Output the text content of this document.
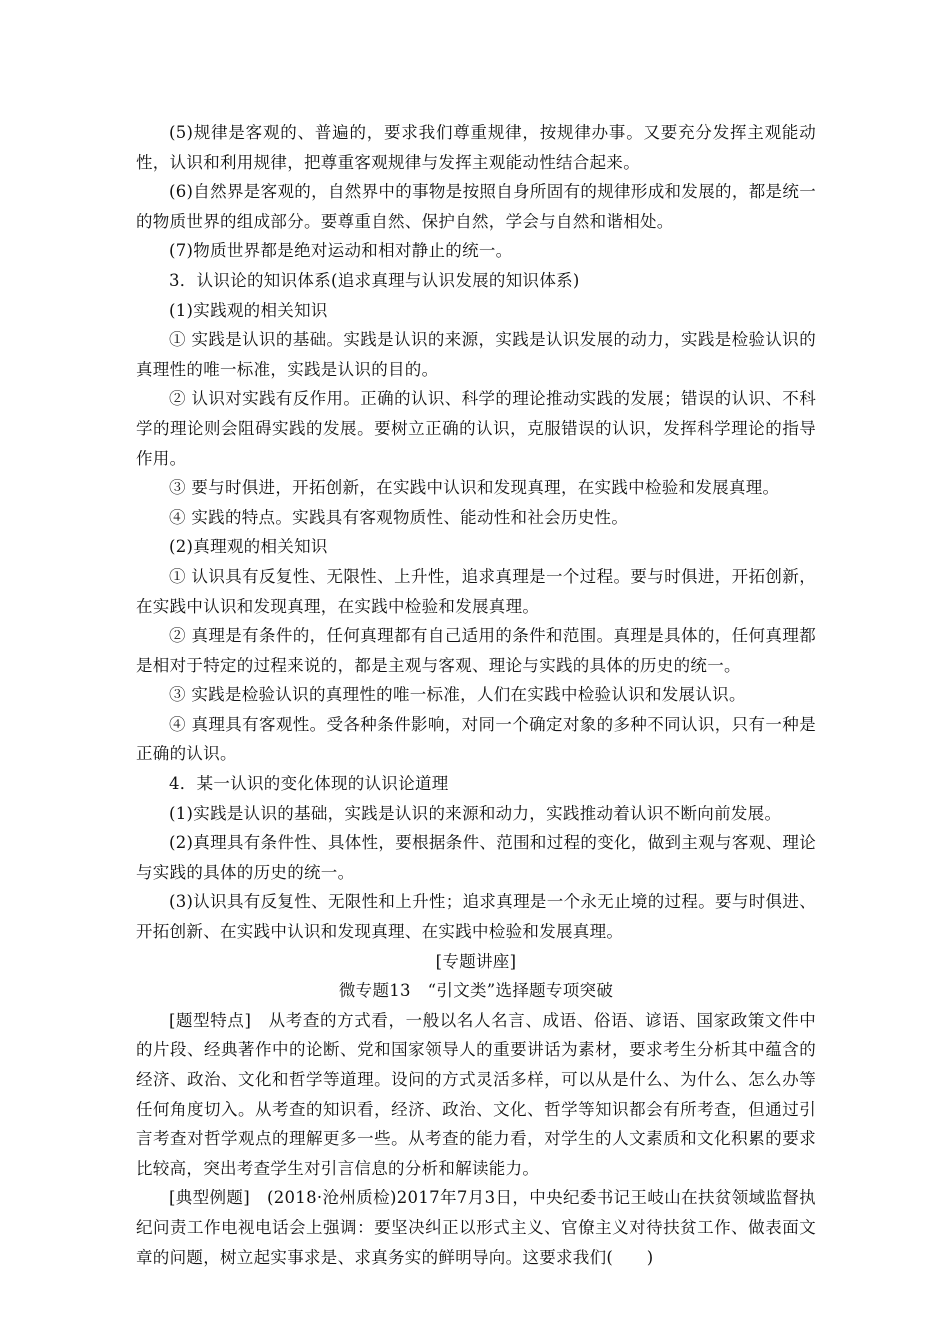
(5)规律是客观的、普遍的，要求我们尊重规律，按规律办事。又要充分发挥主观能动性，认识和利用规律，把尊重客观规律与发挥主观能动性结合起来。

(6)自然界是客观的，自然界中的事物是按照自身所固有的规律形成和发展的，都是统一的物质世界的组成部分。要尊重自然、保护自然，学会与自然和谐相处。

(7)物质世界都是绝对运动和相对静止的统一。

3．认识论的知识体系(追求真理与认识发展的知识体系)

(1)实践观的相关知识

① 实践是认识的基础。实践是认识的来源，实践是认识发展的动力，实践是检验认识的真理性的唯一标准，实践是认识的目的。

② 认识对实践有反作用。正确的认识、科学的理论推动实践的发展；错误的认识、不科学的理论则会阻碍实践的发展。要树立正确的认识，克服错误的认识，发挥科学理论的指导作用。

③ 要与时俱进，开拓创新，在实践中认识和发现真理，在实践中检验和发展真理。

④ 实践的特点。实践具有客观物质性、能动性和社会历史性。

(2)真理观的相关知识

① 认识具有反复性、无限性、上升性，追求真理是一个过程。要与时俱进，开拓创新，在实践中认识和发现真理，在实践中检验和发展真理。

② 真理是有条件的，任何真理都有自己适用的条件和范围。真理是具体的，任何真理都是相对于特定的过程来说的，都是主观与客观、理论与实践的具体的历史的统一。

③ 实践是检验认识的真理性的唯一标准，人们在实践中检验认识和发展认识。

④ 真理具有客观性。受各种条件影响，对同一个确定对象的多种不同认识，只有一种是正确的认识。

4．某一认识的变化体现的认识论道理

(1)实践是认识的基础，实践是认识的来源和动力，实践推动着认识不断向前发展。

(2)真理具有条件性、具体性，要根据条件、范围和过程的变化，做到主观与客观、理论与实践的具体的历史的统一。

(3)认识具有反复性、无限性和上升性；追求真理是一个永无止境的过程。要与时俱进、开拓创新、在实践中认识和发现真理、在实践中检验和发展真理。

[专题讲座]

微专题13　“引文类”选择题专项突破

[题型特点]　从考查的方式看，一般以名人名言、成语、俗语、谚语、国家政策文件中的片段、经典著作中的论断、党和国家领导人的重要讲话为素材，要求考生分析其中蕴含的经济、政治、文化和哲学等道理。设问的方式灵活多样，可以从是什么、为什么、怎么办等任何角度切入。从考查的知识看，经济、政治、文化、哲学等知识都会有所考查，但通过引言考查对哲学观点的理解更多一些。从考查的能力看，对学生的人文素质和文化积累的要求比较高，突出考查学生对引言信息的分析和解读能力。

[典型例题]　(2018·沧州质检)2017年7月3日，中央纪委书记王岐山在扶贫领域监督执纪问责工作电视电话会上强调：要坚决纠正以形式主义、官僚主义对待扶贫工作、做表面文章的问题，树立起实事求是、求真务实的鲜明导向。这要求我们(　　)
